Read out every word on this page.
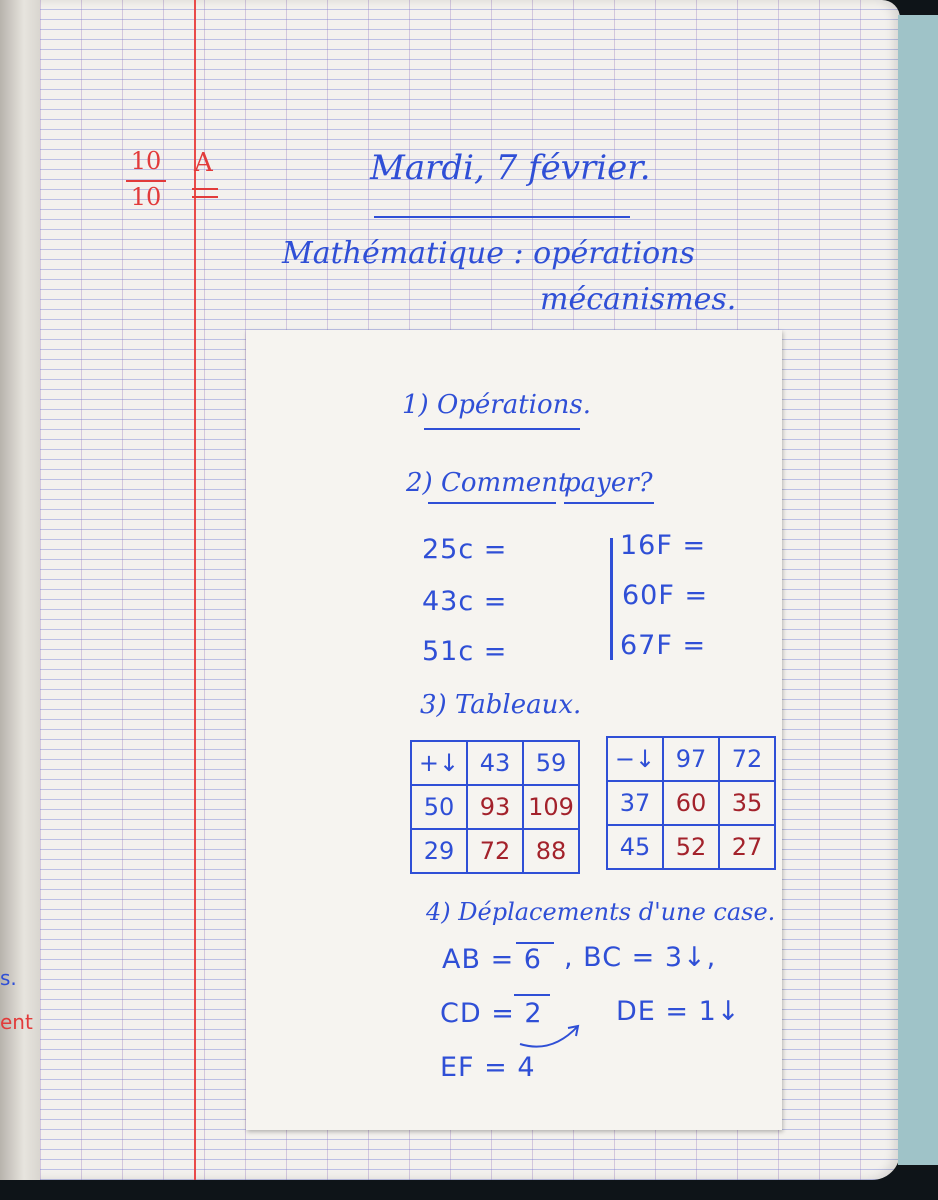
s.
ent
10
10
A	Mardi, 7 février.
Mathématique : opérations
mécanismes.
1) Opérations.
2) Comment
payer?
25c =
43c =
51c =
16F =
60F =
67F =
3) Tableaux.
+↓	43	59
50	93	109
29	72	88
−↓	97	72
37	60	35
45	52	27
4) Déplacements d'une case.
AB = 6 , BC = 3↓,
CD = 2	DE = 1↓
EF = 4
